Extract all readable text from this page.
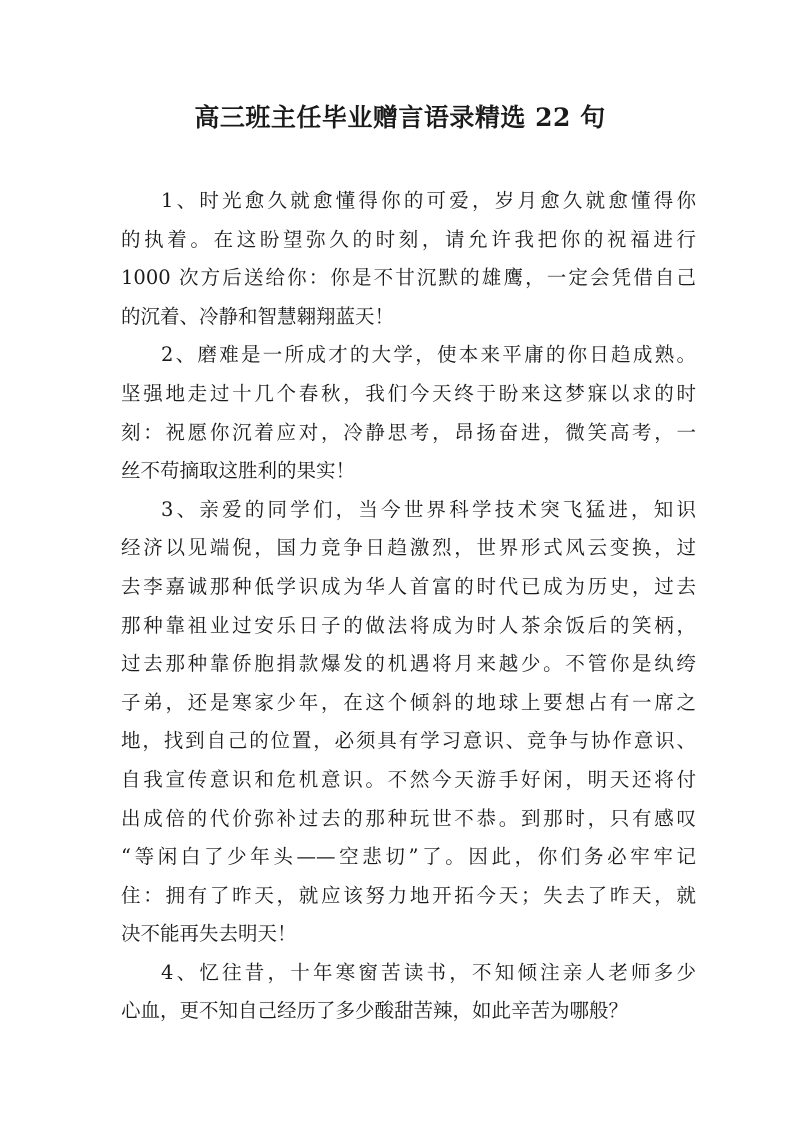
高三班主任毕业赠言语录精选 22 句

1、时光愈久就愈懂得你的可爱，岁月愈久就愈懂得你
的执着。在这盼望弥久的时刻，请允许我把你的祝福进行
1000 次方后送给你：你是不甘沉默的雄鹰，一定会凭借自己
的沉着、冷静和智慧翱翔蓝天！

2、磨难是一所成才的大学，使本来平庸的你日趋成熟。
坚强地走过十几个春秋，我们今天终于盼来这梦寐以求的时
刻：祝愿你沉着应对，冷静思考，昂扬奋进，微笑高考，一
丝不苟摘取这胜利的果实！

3、亲爱的同学们，当今世界科学技术突飞猛进，知识
经济以见端倪，国力竞争日趋激烈，世界形式风云变换，过
去李嘉诚那种低学识成为华人首富的时代已成为历史，过去
那种靠祖业过安乐日子的做法将成为时人茶余饭后的笑柄，
过去那种靠侨胞捐款爆发的机遇将月来越少。不管你是纨绔
子弟，还是寒家少年，在这个倾斜的地球上要想占有一席之
地，找到自己的位置，必须具有学习意识、竞争与协作意识、
自我宣传意识和危机意识。不然今天游手好闲，明天还将付
出成倍的代价弥补过去的那种玩世不恭。到那时，只有感叹
“等闲白了少年头——空悲切”了。因此，你们务必牢牢记
住：拥有了昨天，就应该努力地开拓今天；失去了昨天，就
决不能再失去明天！

4、忆往昔，十年寒窗苦读书，不知倾注亲人老师多少
心血，更不知自己经历了多少酸甜苦辣，如此辛苦为哪般？
